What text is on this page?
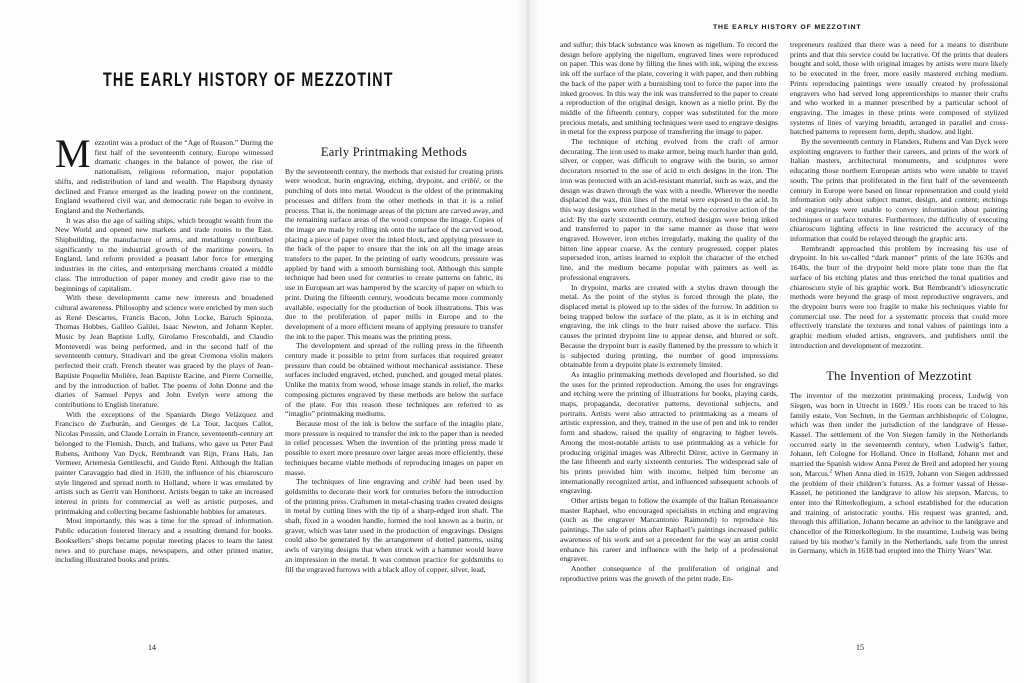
THE EARLY HISTORY OF MEZZOTINT

Mezzotint was a product of the “Age of Reason.” During the first half of the seventeenth century, Europe witnessed dramatic changes in the balance of power, the rise of nationalism, religious reformation, major population shifts, and redistribution of land and wealth. The Hapsburg dynasty declined and France emerged as the leading power on the continent, England weathered civil war, and democratic rule began to evolve in England and the Netherlands.

It was also the age of sailing ships, which brought wealth from the New World and opened new markets and trade routes to the East. Shipbuilding, the manufacture of arms, and metallurgy contributed significantly to the industrial growth of the maritime powers. In England, land reform provided a peasant labor force for emerging industries in the cities, and enterprising merchants created a middle class. The introduction of paper money and credit gave rise to the beginnings of capitalism.

With these developments came new interests and broadened cultural awareness. Philosophy and science were enriched by men such as René Descartes, Francis Bacon, John Locke, Baruch Spinoza, Thomas Hobbes, Galileo Galilei, Isaac Newton, and Johann Kepler. Music by Jean Baptiste Lully, Girolamo Frescobaldi, and Claudio Monteverdi was being performed, and in the second half of the seventeenth century, Stradivari and the great Cremona violin makers perfected their craft. French theater was graced by the plays of Jean-Baptiste Poquelin Molière, Jean Baptiste Racine, and Pierre Corneille, and by the introduction of ballet. The poems of John Donne and the diaries of Samuel Pepys and John Evelyn were among the contributions to English literature.

With the exceptions of the Spaniards Diego Velázquez and Francisco de Zurburán, and Georges de La Tour, Jacques Callot, Nicolas Poussin, and Claude Lorrain in France, seventeenth-century art belonged to the Flemish, Dutch, and Italians, who gave us Peter Paul Rubens, Anthony Van Dyck, Rembrandt van Rijn, Frans Hals, Jan Vermeer, Artemesia Gentileschi, and Guido Reni. Although the Italian painter Caravaggio had died in 1610, the influence of his chiaroscuro style lingered and spread north to Holland, where it was emulated by artists such as Gerrit van Honthorst. Artists began to take an increased interest in prints for commercial as well as artistic purposes, and printmaking and collecting became fashionable hobbies for amateurs.

Most importantly, this was a time for the spread of information. Public education fostered literacy and a resulting demand for books. Booksellers’ shops became popular meeting places to learn the latest news and to purchase maps, newspapers, and other printed matter, including illustrated books and prints.

Early Printmaking Methods

By the seventeenth century, the methods that existed for creating prints were woodcut, burin engraving, etching, drypoint, and criblé, or the punching of dots into metal. Woodcut is the oldest of the printmaking processes and differs from the other methods in that it is a relief process. That is, the nonimage areas of the picture are carved away, and the remaining surface areas of the wood compose the image. Copies of the image are made by rolling ink onto the surface of the carved wood, placing a piece of paper over the inked block, and applying pressure to the back of the paper to ensure that the ink on all the image areas transfers to the paper. In the printing of early woodcuts, pressure was applied by hand with a smooth burnishing tool. Although this simple technique had been used for centuries to create patterns on fabric, its use in European art was hampered by the scarcity of paper on which to print. During the fifteenth century, woodcuts became more commonly available, especially for the production of book illustrations. This was due to the proliferation of paper mills in Europe and to the development of a more efficient means of applying pressure to transfer the ink to the paper. This means was the printing press.

The development and spread of the rolling press in the fifteenth century made it possible to print from surfaces that required greater pressure than could be obtained without mechanical assistance. These surfaces included engraved, etched, punched, and gouged metal plates. Unlike the matrix from wood, whose image stands in relief, the marks composing pictures engraved by these methods are below the surface of the plate. For this reason these techniques are referred to as “intaglio” printmaking mediums.

Because most of the ink is below the surface of the intaglio plate, more pressure is required to transfer the ink to the paper than is needed in relief processes. When the invention of the printing press made it possible to exert more pressure over larger areas more efficiently, these techniques became viable methods of reproducing images on paper en masse.

The techniques of line engraving and criblé had been used by goldsmiths to decorate their work for centuries before the introduction of the printing press. Craftsmen in metal-chasing trades created designs in metal by cutting lines with the tip of a sharp-edged iron shaft. The shaft, fixed in a wooden handle, formed the tool known as a burin, or graver, which was later used in the production of engravings. Designs could also be generated by the arrangement of dotted patterns, using awls of varying designs that when struck with a hammer would leave an impression in the metal. It was common practice for goldsmiths to fill the engraved furrows with a black alloy of copper, silver, lead,

14
THE EARLY HISTORY OF MEZZOTINT

and sulfur; this black substance was known as nigellum. To record the design before applying the nigellum, engraved lines were reproduced on paper. This was done by filling the lines with ink, wiping the excess ink off the surface of the plate, covering it with paper, and then rubbing the back of the paper with a burnishing tool to force the paper into the inked grooves. In this way the ink was transferred to the paper to create a reproduction of the original design, known as a niello print. By the middle of the fifteenth century, copper was substituted for the more precious metals, and smithing techniques were used to engrave designs in metal for the express purpose of transferring the image to paper.

The technique of etching evolved from the craft of armor decorating. The iron used to make armor, being much harder than gold, silver, or copper, was difficult to engrave with the burin, so armor decorators resorted to the use of acid to etch designs in the iron. The iron was protected with an acid-resistant material, such as wax, and the design was drawn through the wax with a needle. Wherever the needle displaced the wax, thin lines of the metal were exposed to the acid. In this way designs were etched in the metal by the corrosive action of the acid. By the early sixteenth century, etched designs were being inked and transferred to paper in the same manner as those that were engraved. However, iron etches irregularly, making the quality of the bitten line appear coarse. As the century progressed, copper plates superseded iron, artists learned to exploit the character of the etched line, and the medium became popular with painters as well as professional engravers.

In drypoint, marks are created with a stylus drawn through the metal. As the point of the stylus is forced through the plate, the displaced metal is plowed up to the sides of the furrow. In addition to being trapped below the surface of the plate, as it is in etching and engraving, the ink clings to the burr raised above the surface. This causes the printed drypoint line to appear dense, and blurred or soft. Because the drypoint burr is easily flattened by the pressure to which it is subjected during printing, the number of good impressions obtainable from a drypoint plate is extremely limited.

As intaglio printmaking methods developed and flourished, so did the uses for the printed reproduction. Among the uses for engravings and etching were the printing of illustrations for books, playing cards, maps, propaganda, decorative patterns, devotional subjects, and portraits. Artists were also attracted to printmaking as a means of artistic expression, and they, trained in the use of pen and ink to render form and shadow, raised the quality of engraving to higher levels. Among the most-notable artists to use printmaking as a vehicle for producing original images was Albrecht Dürer, active in Germany in the late fifteenth and early sixteenth centuries. The widespread sale of his prints provided him with income, helped him become an internationally recognized artist, and influenced subsequent schools of engraving.

Other artists began to follow the example of the Italian Renaissance master Raphael, who encouraged specialists in etching and engraving (such as the engraver Marcantonio Raimondi) to reproduce his paintings. The sale of prints after Raphael’s paintings increased public awareness of his work and set a precedent for the way an artist could enhance his career and influence with the help of a professional engraver.

Another consequence of the proliferation of original and reproductive prints was the growth of the print trade. En-

trepreneurs realized that there was a need for a means to distribute prints and that this service could be lucrative. Of the prints that dealers bought and sold, those with original images by artists were more likely to be executed in the freer, more easily mastered etching medium. Prints reproducing paintings were usually created by professional engravers who had served long apprenticeships to master their crafts and who worked in a manner prescribed by a particular school of engraving. The images in these prints were composed of stylized systems of lines of varying breadth, arranged in parallel and cross-hatched patterns to represent form, depth, shadow, and light.

By the seventeenth century in Flanders, Rubens and Van Dyck were exploiting engravers to further their careers, and prints of the work of Italian masters, architectural monuments, and sculptures were educating those northern European artists who were unable to travel south. The prints that proliferated in the first half of the seventeenth century in Europe were based on linear representation and could yield information only about subject matter, design, and content; etchings and engravings were unable to convey information about painting techniques or surface textures. Furthermore, the difficulty of executing chiaroscuro lighting effects in line restricted the accuracy of the information that could be relayed through the graphic arts.

Rembrandt approached this problem by increasing his use of drypoint. In his so-called “dark manner” prints of the late 1630s and 1640s, the burr of the drypoint held more plate tone than the flat surface of his etching plates and thus enriched the tonal qualities and chiaroscuro style of his graphic work. But Rembrandt’s idiosyncratic methods were beyond the grasp of most reproductive engravers, and the drypoint burrs were too fragile to make his techniques viable for commercial use. The need for a systematic process that could more effectively translate the textures and tonal values of paintings into a graphic medium eluded artists, engravers, and publishers until the introduction and development of mezzotint.

The Invention of Mezzotint

The inventor of the mezzotint printmaking process, Ludwig von Siegen, was born in Utrecht in 1609.$^1$ His roots can be traced to his family estate, Von Sechten, in the German archbishopric of Cologne, which was then under the jurisdiction of the landgrave of Hesse-Kassel. The settlement of the Von Siegen family in the Netherlands occurred early in the seventeenth century, when Ludwig’s father, Johann, left Cologne for Holland. Once in Holland, Johann met and married the Spanish widow Anna Perez de Breil and adopted her young son, Marcus.$^2$ When Anna died in 1619, Johann von Siegen addressed the problem of their children’s futures. As a former vassal of Hesse-Kassel, he petitioned the landgrave to allow his stepson, Marcus, to enter into the Ritterkollegium, a school established for the education and training of aristocratic youths. His request was granted, and, through this affiliation, Johann became an advisor to the landgrave and chancellor of the Ritterkollegium. In the meantime, Ludwig was being raised by his mother’s family in the Netherlands, safe from the unrest in Germany, which in 1618 had erupted into the Thirty Years’ War.

15
